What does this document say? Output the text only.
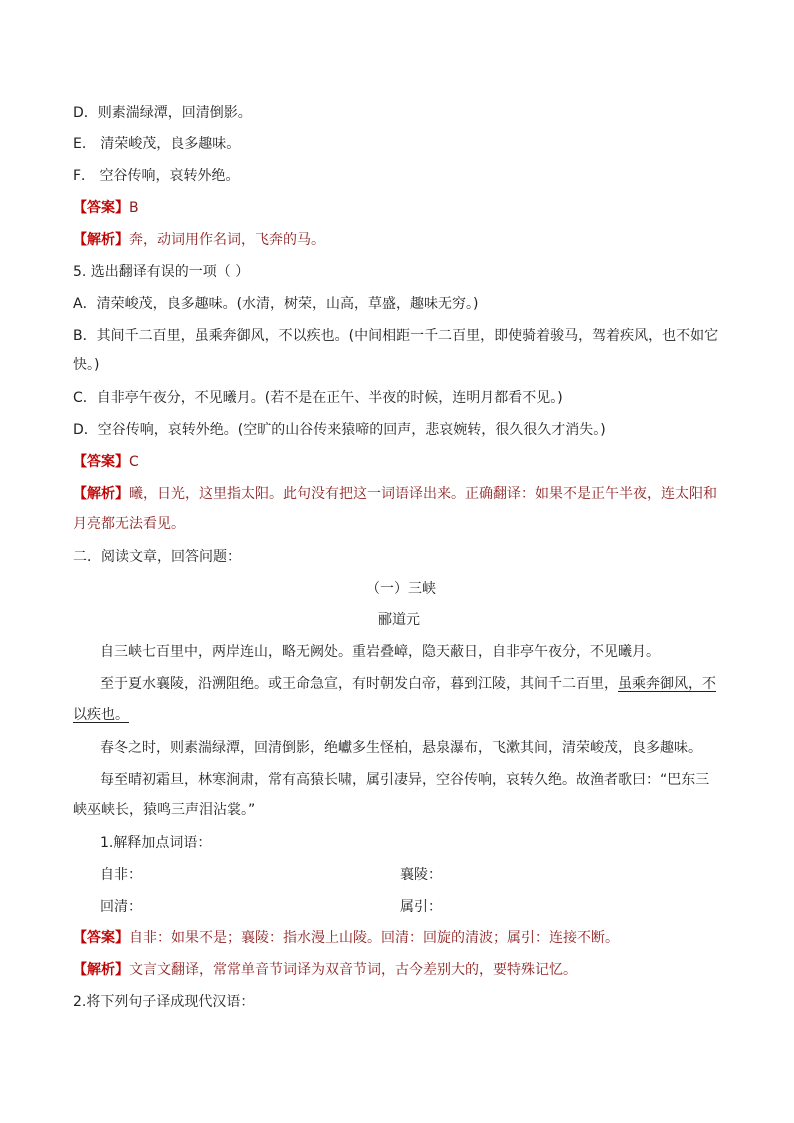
D．则素湍绿潭，回清倒影。
E． 清荣峻茂，良多趣味。
F． 空谷传响，哀转外绝。
【答案】B
【解析】奔，动词用作名词，飞奔的马。
5. 选出翻译有误的一项（ ）
A．清荣峻茂，良多趣味。(水清，树荣，山高，草盛，趣味无穷。)
B．其间千二百里，虽乘奔御风，不以疾也。(中间相距一千二百里，即使骑着骏马，驾着疾风，也不如它
快。)
C．自非亭午夜分，不见曦月。(若不是在正午、半夜的时候，连明月都看不见。)
D．空谷传响，哀转外绝。(空旷的山谷传来猿啼的回声，悲哀婉转，很久很久才消失。)
【答案】C
【解析】曦，日光，这里指太阳。此句没有把这一词语译出来。正确翻译：如果不是正午半夜，连太阳和
月亮都无法看见。
二．阅读文章，回答问题：
（一）三峡
郦道元
自三峡七百里中，两岸连山，略无阙处。重岩叠嶂，隐天蔽日，自非亭午夜分，不见曦月。
至于夏水襄陵，沿溯阻绝。或王命急宣，有时朝发白帝，暮到江陵，其间千二百里，虽乘奔御风，不
以疾也。
春冬之时，则素湍绿潭，回清倒影，绝巘多生怪柏，悬泉瀑布，飞漱其间，清荣峻茂，良多趣味。
每至晴初霜旦，林寒涧肃，常有高猿长啸，属引凄异，空谷传响，哀转久绝。故渔者歌曰：“巴东三
峡巫峡长，猿鸣三声泪沾裳。”
1.解释加点词语：
自非：	襄陵：
回清：	属引：
【答案】自非：如果不是；襄陵：指水漫上山陵。回清：回旋的清波；属引：连接不断。
【解析】文言文翻译，常常单音节词译为双音节词，古今差别大的，要特殊记忆。
2.将下列句子译成现代汉语：
